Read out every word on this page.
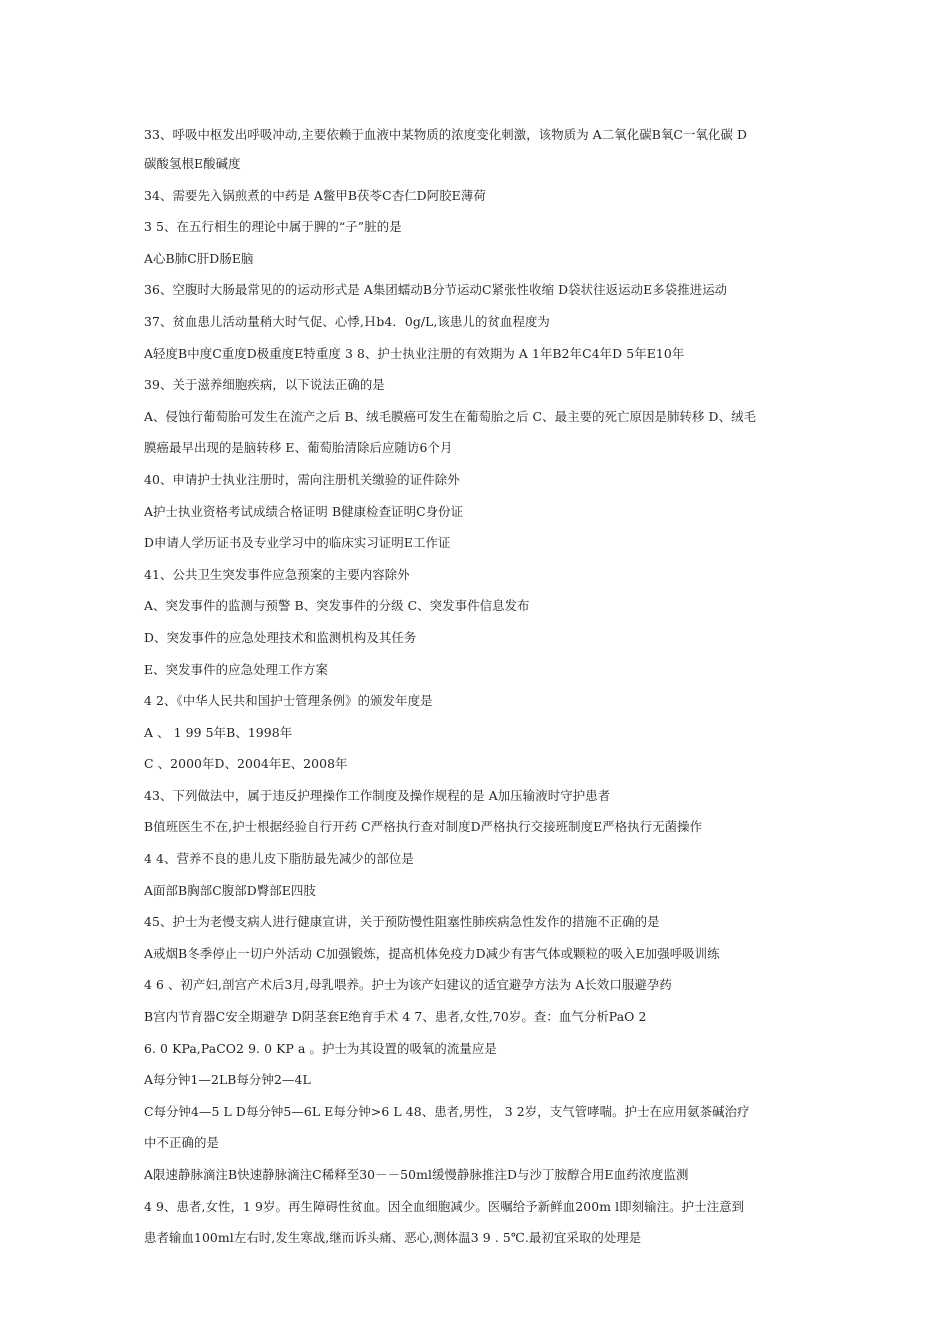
33、呼吸中枢发出呼吸冲动,主要依赖于血液中某物质的浓度变化刺激，该物质为 A二氧化碳B氧C一氧化碳 D
碳酸氢根E酸碱度
34、需要先入锅煎煮的中药是 A鳖甲B茯苓C杏仁D阿胶E薄荷
3 5、在五行相生的理论中属于脾的“子”脏的是
A心B肺C肝D肠E脑
36、空腹时大肠最常见的的运动形式是 A集团蠕动B分节运动C紧张性收缩 D袋状往返运动E多袋推进运动
37、贫血患儿活动量稍大时气促、心悸,Ｈb4．0g/L,该患儿的贫血程度为
A轻度B中度C重度D极重度E特重度 3 8、护士执业注册的有效期为 A 1年B2年C4年D 5年E10年
39、关于滋养细胞疾病，以下说法正确的是
A、侵蚀行葡萄胎可发生在流产之后 B、绒毛膜癌可发生在葡萄胎之后 C、最主要的死亡原因是肺转移 D、绒毛
膜癌最早出现的是脑转移 E、葡萄胎清除后应随访6个月
40、申请护士执业注册时，需向注册机关缴验的证件除外
A护士执业资格考试成绩合格证明 B健康检查证明C身份证
D申请人学历证书及专业学习中的临床实习证明E工作证
41、公共卫生突发事件应急预案的主要内容除外
A、突发事件的监测与预警 B、突发事件的分级 C、突发事件信息发布
D、突发事件的应急处理技术和监测机构及其任务
E、突发事件的应急处理工作方案
4 2、《中华人民共和国护士管理条例》的颁发年度是
A 、 1 99 5年B、1998年
C 、2000年D、2004年E、2008年
43、下列做法中，属于违反护理操作工作制度及操作规程的是 A加压输液时守护患者
B值班医生不在,护士根据经验自行开药 C严格执行查对制度D严格执行交接班制度E严格执行无菌操作
4 4、营养不良的患儿皮下脂肪最先减少的部位是
A面部B胸部C腹部D臀部E四肢
45、护士为老慢支病人进行健康宣讲，关于预防慢性阻塞性肺疾病急性发作的措施不正确的是
A戒烟B冬季停止一切户外活动 C加强锻炼，提高机体免疫力D减少有害气体或颗粒的吸入E加强呼吸训练
4 6 、初产妇,剖宫产术后3月,母乳喂养。护士为该产妇建议的适宜避孕方法为 A长效口服避孕药
B宫内节育器C安全期避孕 D阴茎套E绝育手术 4 7、患者,女性,70岁。查：血气分析PaO 2
6. 0 KPa,PaCO2 9. 0 KP a 。护士为其设置的吸氧的流量应是
A每分钟1—2LB每分钟2—4L
C每分钟4—5 L D每分钟5—6L E每分钟>6 L 48、患者,男性， 3 2岁，支气管哮喘。护士在应用氨茶碱治疗
中不正确的是
A限速静脉滴注B快速静脉滴注C稀释至30－－50ml缓慢静脉推注D与沙丁胺醇合用E血药浓度监测
4 9、患者,女性，1 9岁。再生障碍性贫血。因全血细胞减少。医嘱给予新鲜血200m l即刻输注。护士注意到
患者输血100ml左右时,发生寒战,继而诉头痛、恶心,测体温3 9 . 5℃.最初宜采取的处理是
